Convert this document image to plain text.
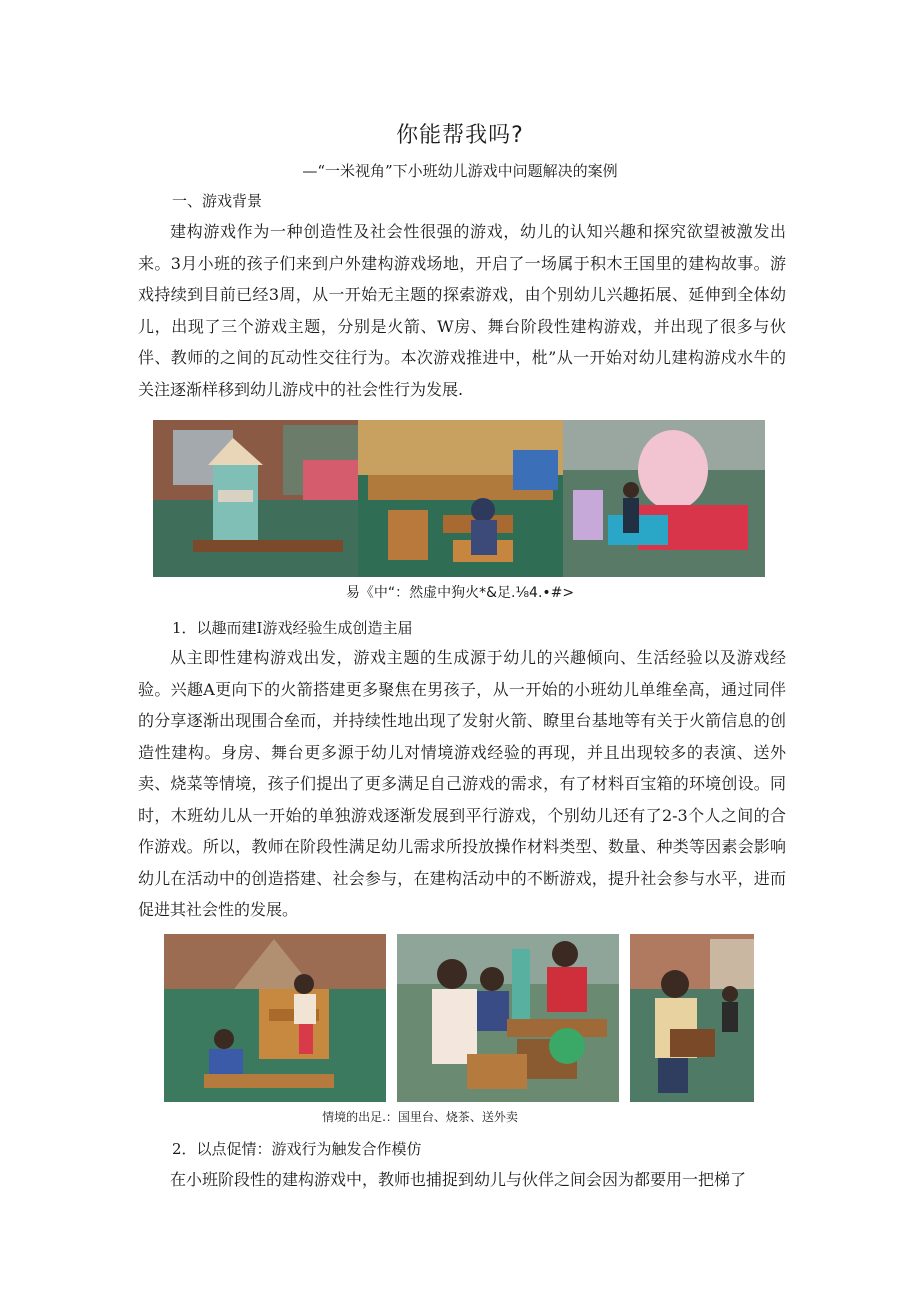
你能帮我吗?
—“一米视角”下小班幼儿游戏中问题解决的案例
一、游戏背景
建构游戏作为一种创造性及社会性很强的游戏，幼儿的认知兴趣和探究欲望被激发出来。3月小班的孩子们来到户外建构游戏场地，开启了一场属于积木王国里的建构故事。游戏持续到目前已经3周，从一开始无主题的探索游戏，由个别幼儿兴趣拓展、延伸到全体幼儿，出现了三个游戏主题，分别是火箭、W房、舞台阶段性建构游戏，并出现了很多与伙伴、教师的之间的瓦动性交往行为。本次游戏推进中，枇”从一开始对幼儿建构游戍水牛的关注逐渐样移到幼儿游戍中的社会性行为发展.
易《中“：然虚中狗火*&足.⅛4.•#>
1．以趣而建I游戏经验生成创造主届
从主即性建构游戏出发，游戏主题的生成源于幼儿的兴趣倾向、生活经验以及游戏经验。兴趣A更向下的火箭搭建更多聚焦在男孩子，从一开始的小班幼儿单维垒高，通过同伴的分享逐渐出现围合垒而，并持续性地出现了发射火箭、瞭里台基地等有关于火箭信息的创造性建构。身房、舞台更多源于幼儿对情境游戏经验的再现，并且出现较多的表演、送外卖、烧菜等情境，孩子们提出了更多满足自己游戏的需求，有了材料百宝箱的环境创设。同时，木班幼儿从一开始的单独游戏逐渐发展到平行游戏，个别幼儿还有了2-3个人之间的合作游戏。所以，教师在阶段性满足幼儿需求所投放操作材料类型、数量、种类等因素会影响幼儿在活动中的创造搭建、社会参与，在建构活动中的不断游戏，提升社会参与水平，进而促进其社会性的发展。
情境的出足.：国里台、烧茶、送外卖
2．以点促情：游戏行为触发合作模仿
在小班阶段性的建构游戏中，教师也捕捉到幼儿与伙伴之间会因为都要用一把梯了
